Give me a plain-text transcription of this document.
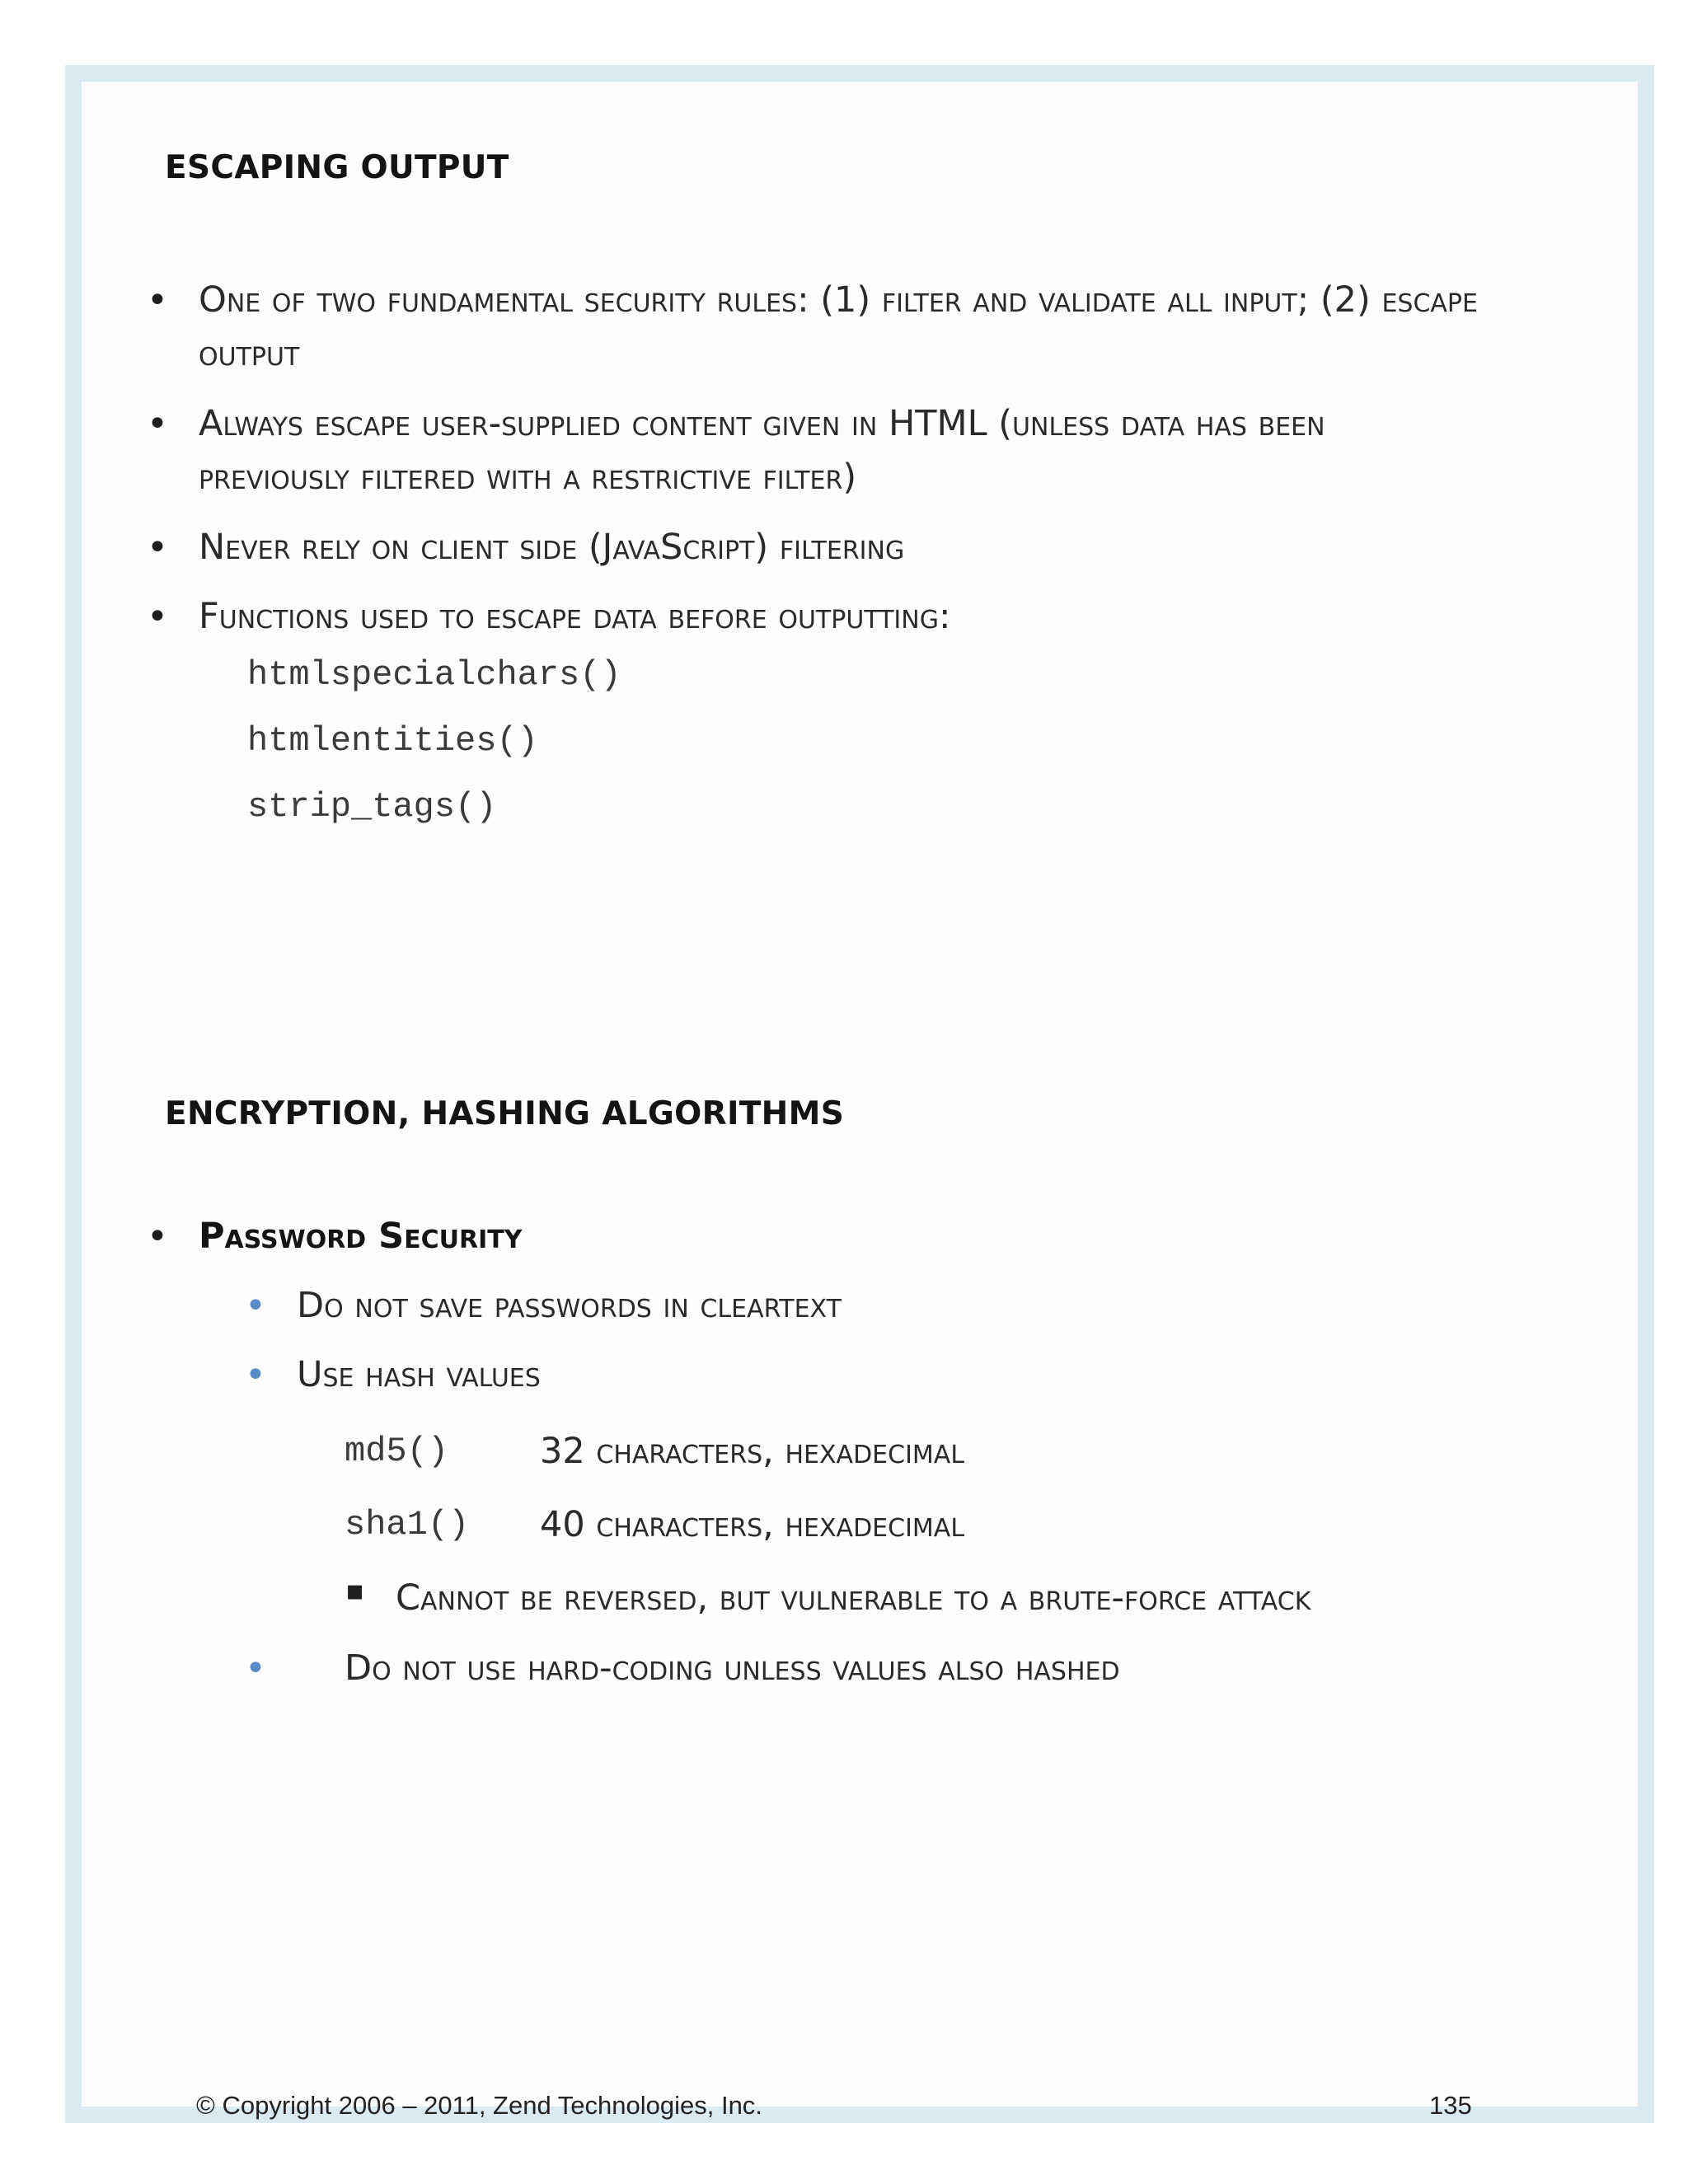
ESCAPING OUTPUT
• One of two fundamental security rules: (1) filter and validate all input; (2) escape output

• Always escape user-supplied content given in HTML (unless data has been previously filtered with a restrictive filter)

• Never rely on client side (JavaScript) filtering

• Functions used to escape data before outputting:

htmlspecialchars()

htmlentities()

strip_tags()

ENCRYPTION, HASHING ALGORITHMS
• Password Security

• Do not save passwords in cleartext

• Use hash values

md5()	32 characters, hexadecimal

sha1() 40 characters, hexadecimal

▪ Cannot be reversed, but vulnerable to a brute-force attack

• Do not use hard-coding unless values also hashed

© Copyright 2006 – 2011, Zend Technologies, Inc.	135
